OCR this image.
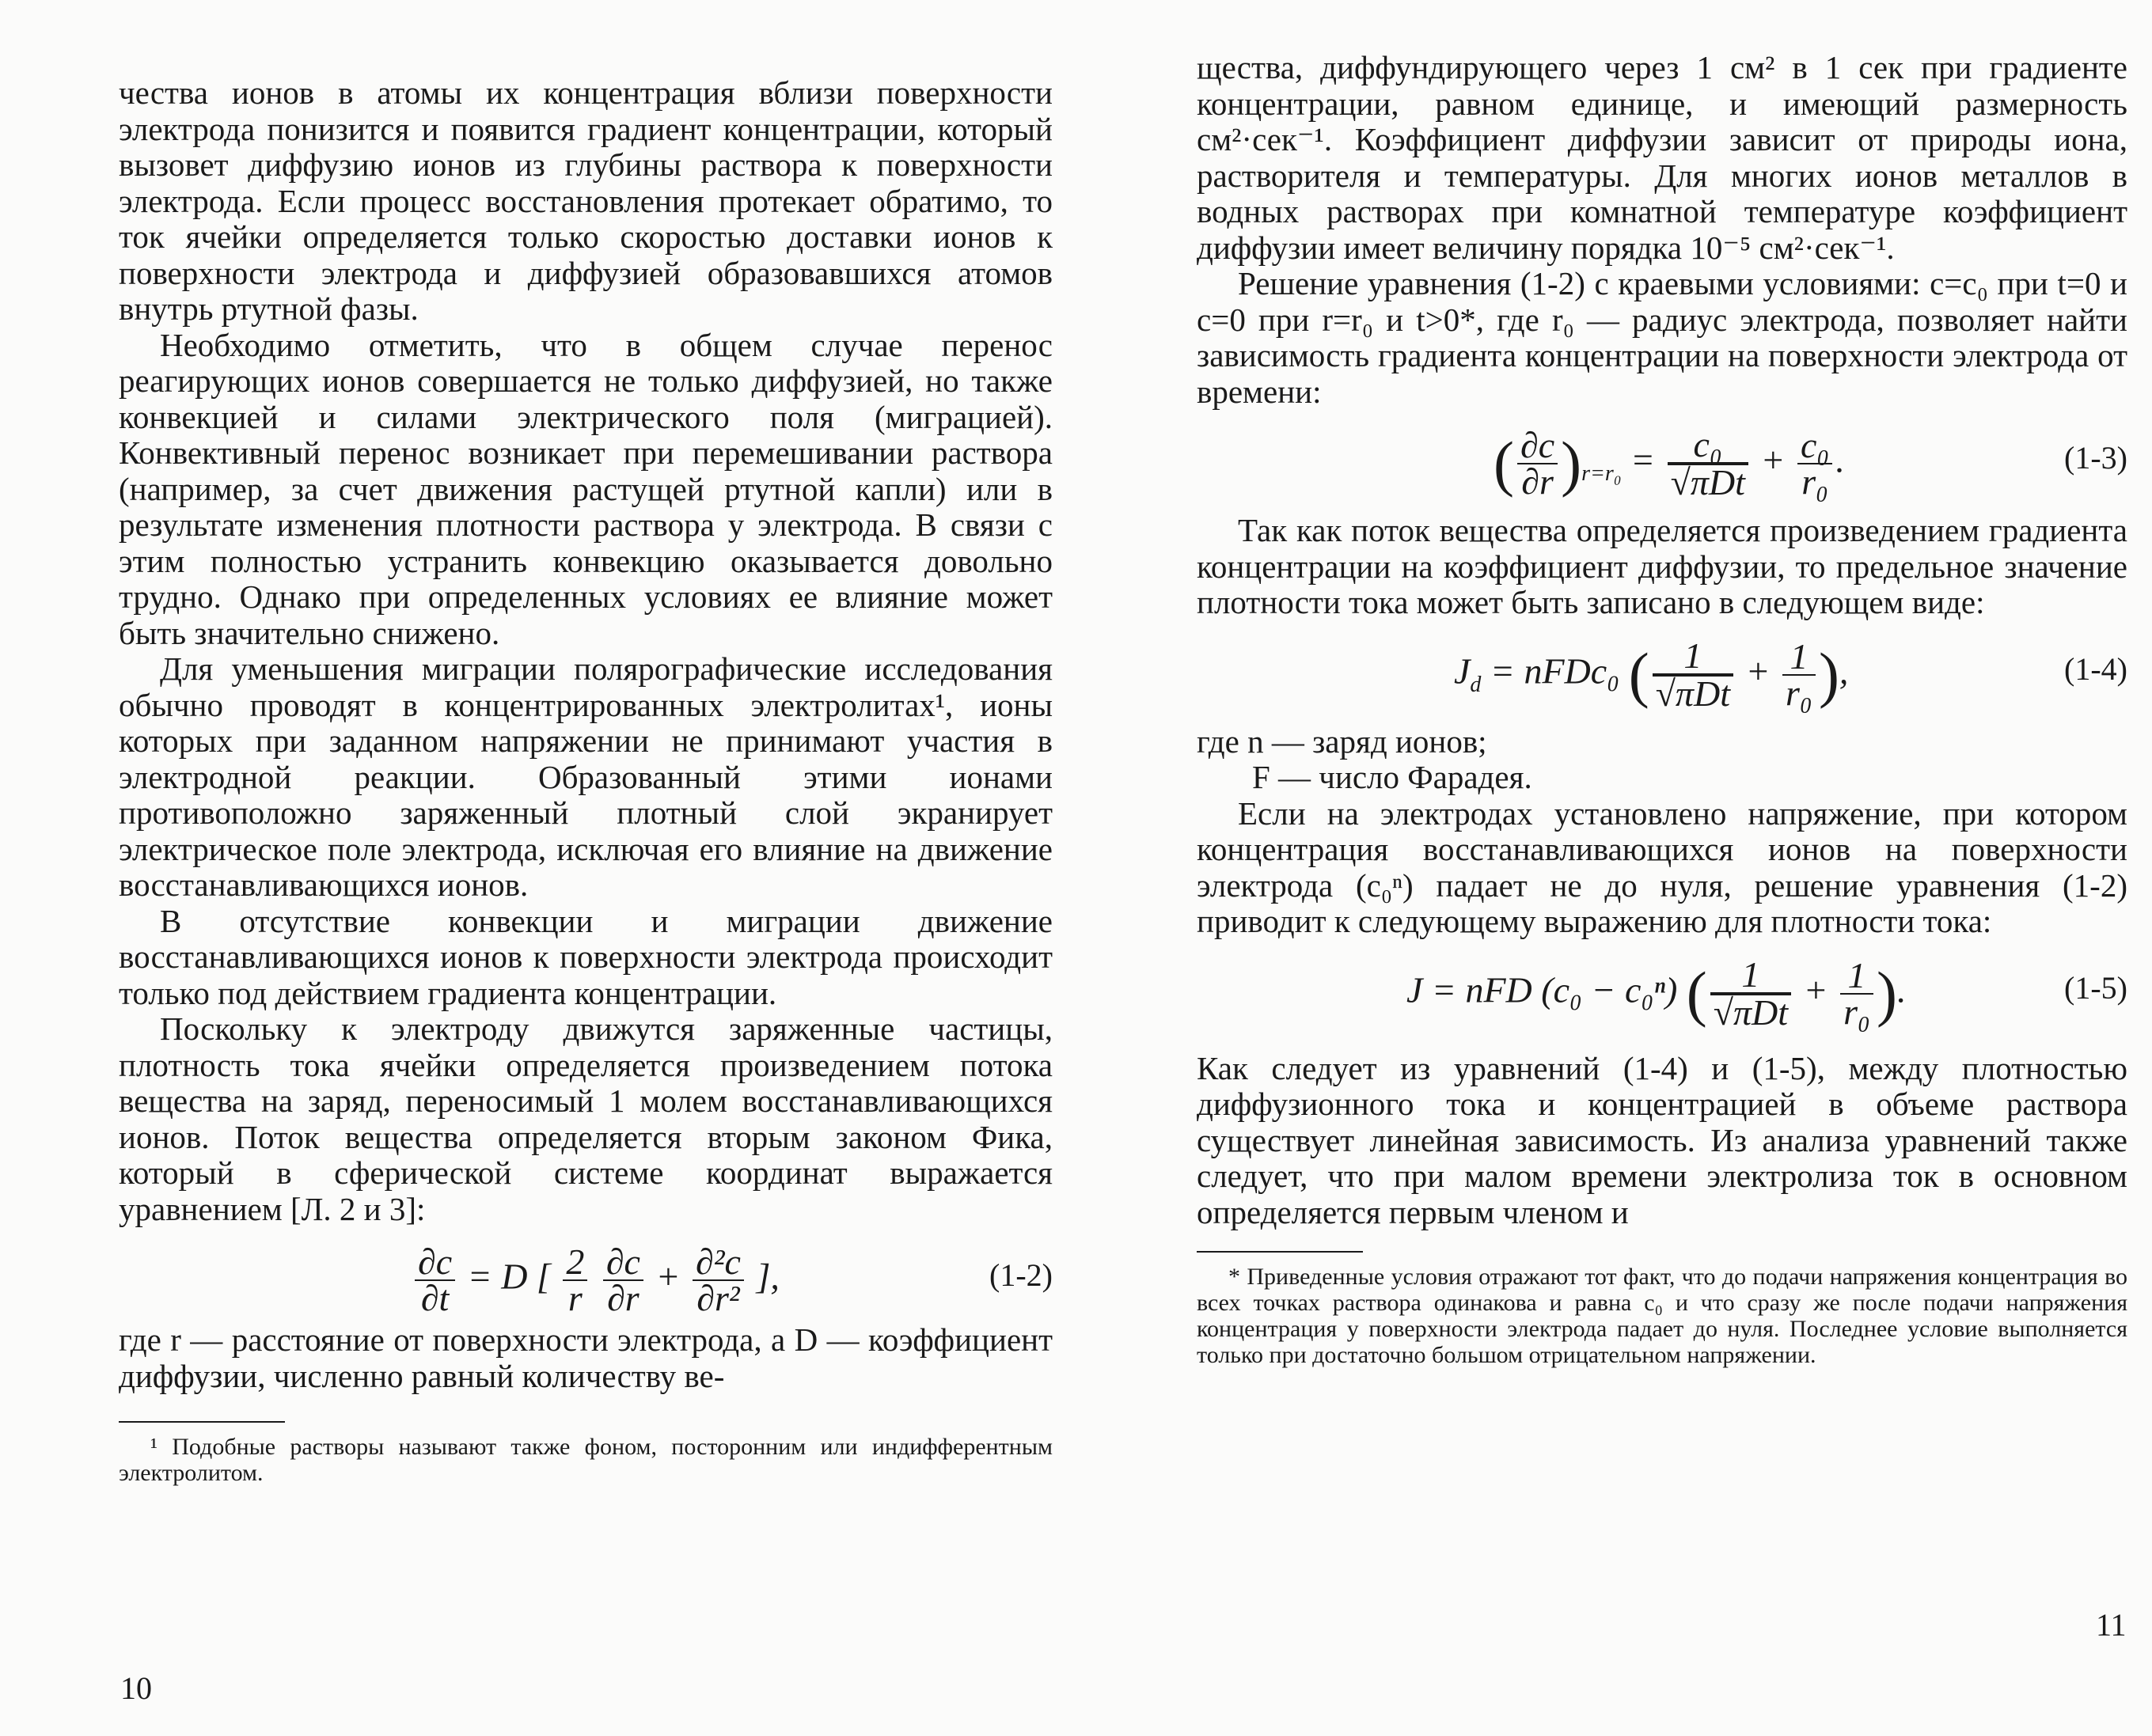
чества ионов в атомы их концентрация вблизи поверхности электрода понизится и появится градиент концентрации, который вызовет диффузию ионов из глубины раствора к поверхности электрода. Если процесс восстановления протекает обратимо, то ток ячейки определяется только скоростью доставки ионов к поверхности электрода и диффузией образовавшихся атомов внутрь ртутной фазы.

Необходимо отметить, что в общем случае перенос реагирующих ионов совершается не только диффузией, но также конвекцией и силами электрического поля (миграцией). Конвективный перенос возникает при перемешивании раствора (например, за счет движения растущей ртутной капли) или в результате изменения плотности раствора у электрода. В связи с этим полностью устранить конвекцию оказывается довольно трудно. Однако при определенных условиях ее влияние может быть значительно снижено.

Для уменьшения миграции полярографические исследования обычно проводят в концентрированных электролитах¹, ионы которых при заданном напряжении не принимают участия в электродной реакции. Образованный этими ионами противоположно заряженный плотный слой экранирует электрическое поле электрода, исключая его влияние на движение восстанавливающихся ионов.

В отсутствие конвекции и миграции движение восстанавливающихся ионов к поверхности электрода происходит только под действием градиента концентрации.

Поскольку к электроду движутся заряженные частицы, плотность тока ячейки определяется произведением потока вещества на заряд, переносимый 1 молем восстанавливающихся ионов. Поток вещества определяется вторым законом Фика, который в сферической системе координат выражается уравнением [Л. 2 и 3]:

$\frac{\partial c}{\partial t} = D$ [ $\frac{2}{r}$
$\frac{\partial c}{\partial r} + \frac{\text{∂²c}}{\text{∂r²}}$ ],	(1-2)

где r — расстояние от поверхности электрода, а D — коэффициент диффузии, численно равный количеству ве-

¹ Подобные растворы называют также фоном, посторонним или индифферентным электролитом.

10

щества, диффундирующего через 1 см² в 1 сек при градиенте концентрации, равном единице, и имеющий размерность см²·сек⁻¹. Коэффициент диффузии зависит от природы иона, растворителя и температуры. Для многих ионов металлов в водных растворах при комнатной температуре коэффициент диффузии имеет величину порядка 10⁻⁵ см²·сек⁻¹.

Решение уравнения (1-2) с краевыми условиями: c=c₀ при t=0 и c=0 при r=r₀ и t>0*, где r₀ — радиус электрода, позволяет найти зависимость градиента концентрации на поверхности электрода от времени:

( $\frac{\partial c}{\partial r} )_{r=r_0} = \frac{\text{c₀}}{\text{√πDt}} + \frac{\text{c₀}}{\text{r₀}}$ .	(1-3)

Так как поток вещества определяется произведением градиента концентрации на коэффициент диффузии, то предельное значение плотности тока может быть записано в следующем виде:

$J_d$ = nFDc₀ ( $\frac{1}{\text{√πDt}} + \frac{1}{\text{r₀}}$ ),	(1-4)

где n — заряд ионов;

F — число Фарадея.

Если на электродах установлено напряжение, при котором концентрация восстанавливающихся ионов на поверхности электрода (c₀ⁿ) падает не до нуля, решение уравнения (1-2) приводит к следующему выражению для плотности тока:

J = nFD (c₀ − c₀ⁿ) ( $\frac{1}{\text{√πDt}} + \frac{1}{\text{r₀}}$ ).	(1-5)

Как следует из уравнений (1-4) и (1-5), между плотностью диффузионного тока и концентрацией в объеме раствора существует линейная зависимость. Из анализа уравнений также следует, что при малом времени электролиза ток в основном определяется первым членом и

* Приведенные условия отражают тот факт, что до подачи напряжения концентрация во всех точках раствора одинакова и равна c₀ и что сразу же после подачи напряжения концентрация у поверхности электрода падает до нуля. Последнее условие выполняется только при достаточно большом отрицательном напряжении.

11
